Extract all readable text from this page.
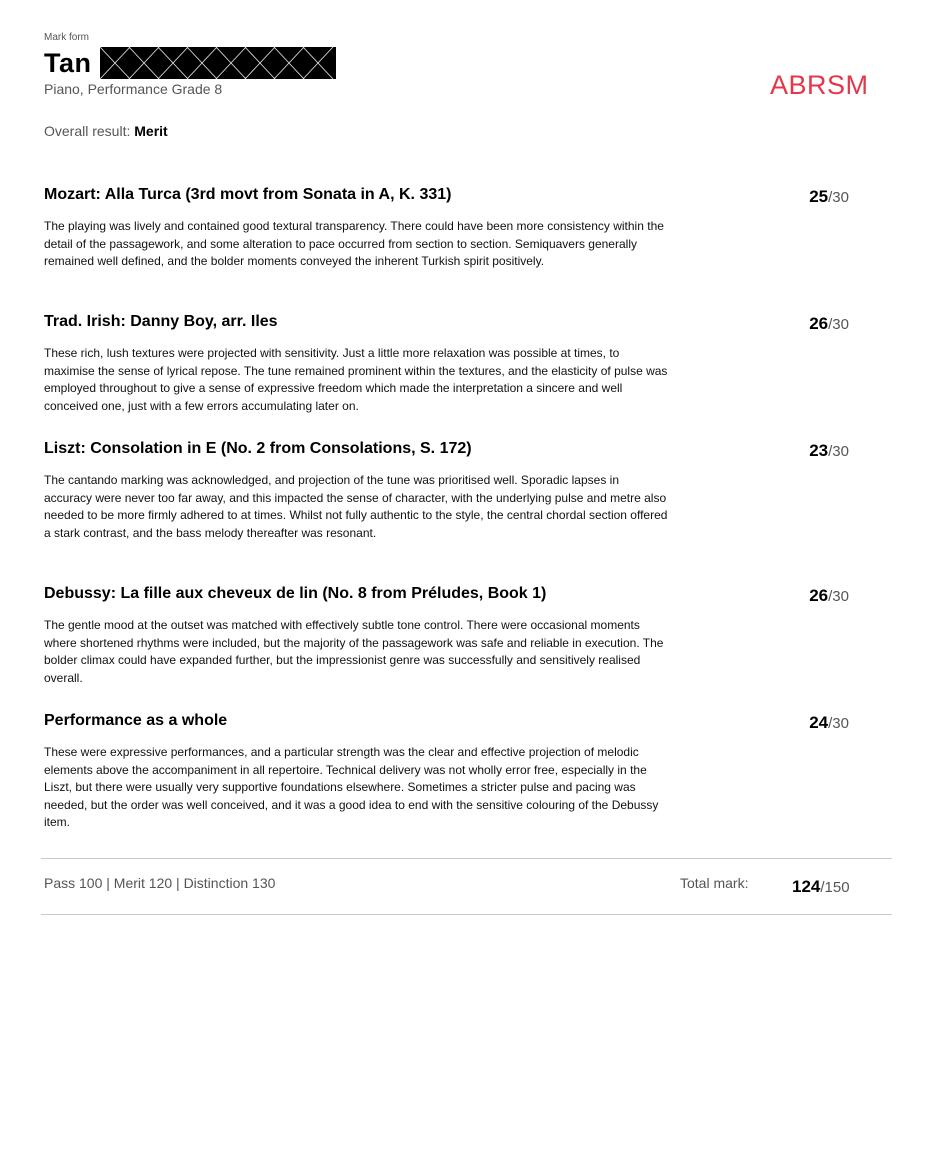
Mark form
Tan
Piano, Performance Grade 8	ABRSM
Overall result: Merit
Mozart: Alla Turca (3rd movt from Sonata in A, K. 331)	25/30
The playing was lively and contained good textural transparency. There could have been more consistency within the detail of the passagework, and some alteration to pace occurred from section to section. Semiquavers generally remained well defined, and the bolder moments conveyed the inherent Turkish spirit positively.
Trad. Irish: Danny Boy, arr. Iles	26/30
These rich, lush textures were projected with sensitivity. Just a little more relaxation was possible at times, to maximise the sense of lyrical repose. The tune remained prominent within the textures, and the elasticity of pulse was employed throughout to give a sense of expressive freedom which made the interpretation a sincere and well conceived one, just with a few errors accumulating later on.
Liszt: Consolation in E (No. 2 from Consolations, S. 172)	23/30
The cantando marking was acknowledged, and projection of the tune was prioritised well. Sporadic lapses in accuracy were never too far away, and this impacted the sense of character, with the underlying pulse and metre also needed to be more firmly adhered to at times. Whilst not fully authentic to the style, the central chordal section offered a stark contrast, and the bass melody thereafter was resonant.
Debussy: La fille aux cheveux de lin (No. 8 from Préludes, Book 1)	26/30
The gentle mood at the outset was matched with effectively subtle tone control. There were occasional moments where shortened rhythms were included, but the majority of the passagework was safe and reliable in execution. The bolder climax could have expanded further, but the impressionist genre was successfully and sensitively realised overall.
Performance as a whole	24/30
These were expressive performances, and a particular strength was the clear and effective projection of melodic elements above the accompaniment in all repertoire. Technical delivery was not wholly error free, especially in the Liszt, but there were usually very supportive foundations elsewhere. Sometimes a stricter pulse and pacing was needed, but the order was well conceived, and it was a good idea to end with the sensitive colouring of the Debussy item.
Pass 100 | Merit 120 | Distinction 130	Total mark:	124/150
